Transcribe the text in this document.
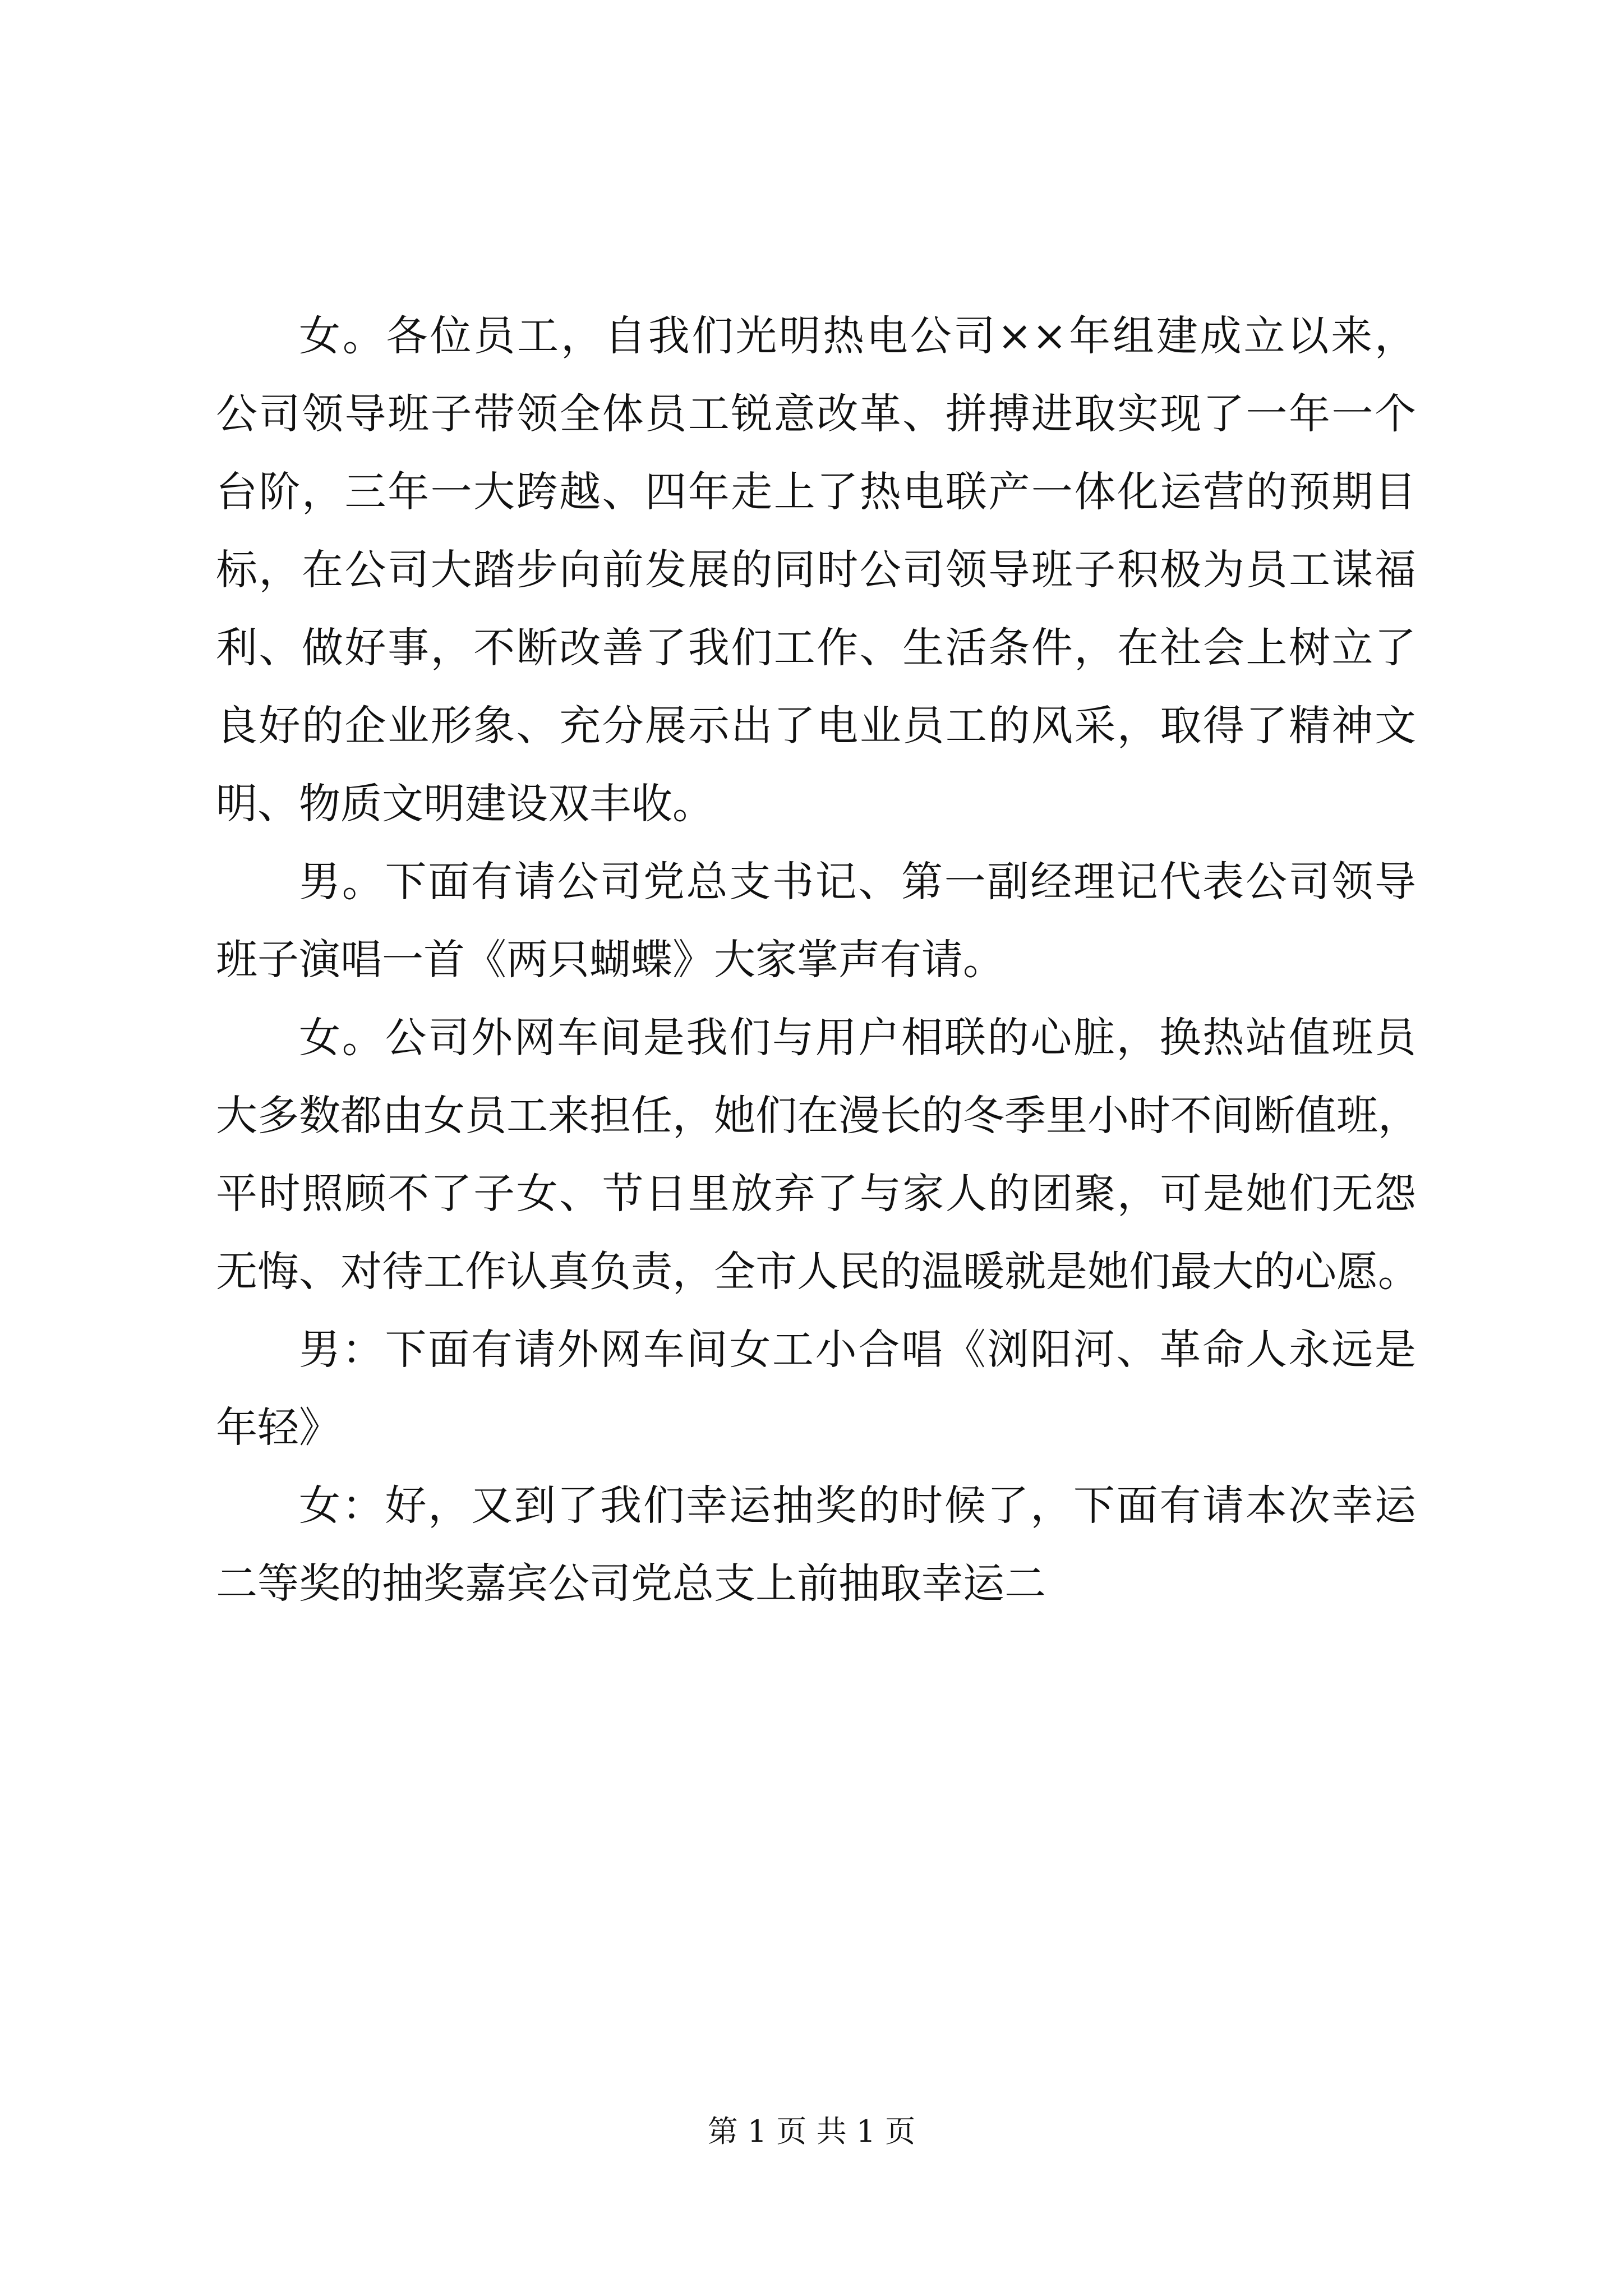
女。各位员工，自我们光明热电公司××年组建成立以来，
公司领导班子带领全体员工锐意改革、拼搏进取实现了一年一个
台阶，三年一大跨越、四年走上了热电联产一体化运营的预期目
标，在公司大踏步向前发展的同时公司领导班子积极为员工谋福
利、做好事，不断改善了我们工作、生活条件，在社会上树立了
良好的企业形象、充分展示出了电业员工的风采，取得了精神文
明、物质文明建设双丰收。
男。下面有请公司党总支书记、第一副经理记代表公司领导
班子演唱一首《两只蝴蝶》大家掌声有请。
女。公司外网车间是我们与用户相联的心脏，换热站值班员
大多数都由女员工来担任，她们在漫长的冬季里小时不间断值班，
平时照顾不了子女、节日里放弃了与家人的团聚，可是她们无怨
无悔、对待工作认真负责，全市人民的温暖就是她们最大的心愿。
男：下面有请外网车间女工小合唱《浏阳河、革命人永远是
年轻》
女：好，又到了我们幸运抽奖的时候了，下面有请本次幸运
二等奖的抽奖嘉宾公司党总支上前抽取幸运二
第 1 页 共 1 页
